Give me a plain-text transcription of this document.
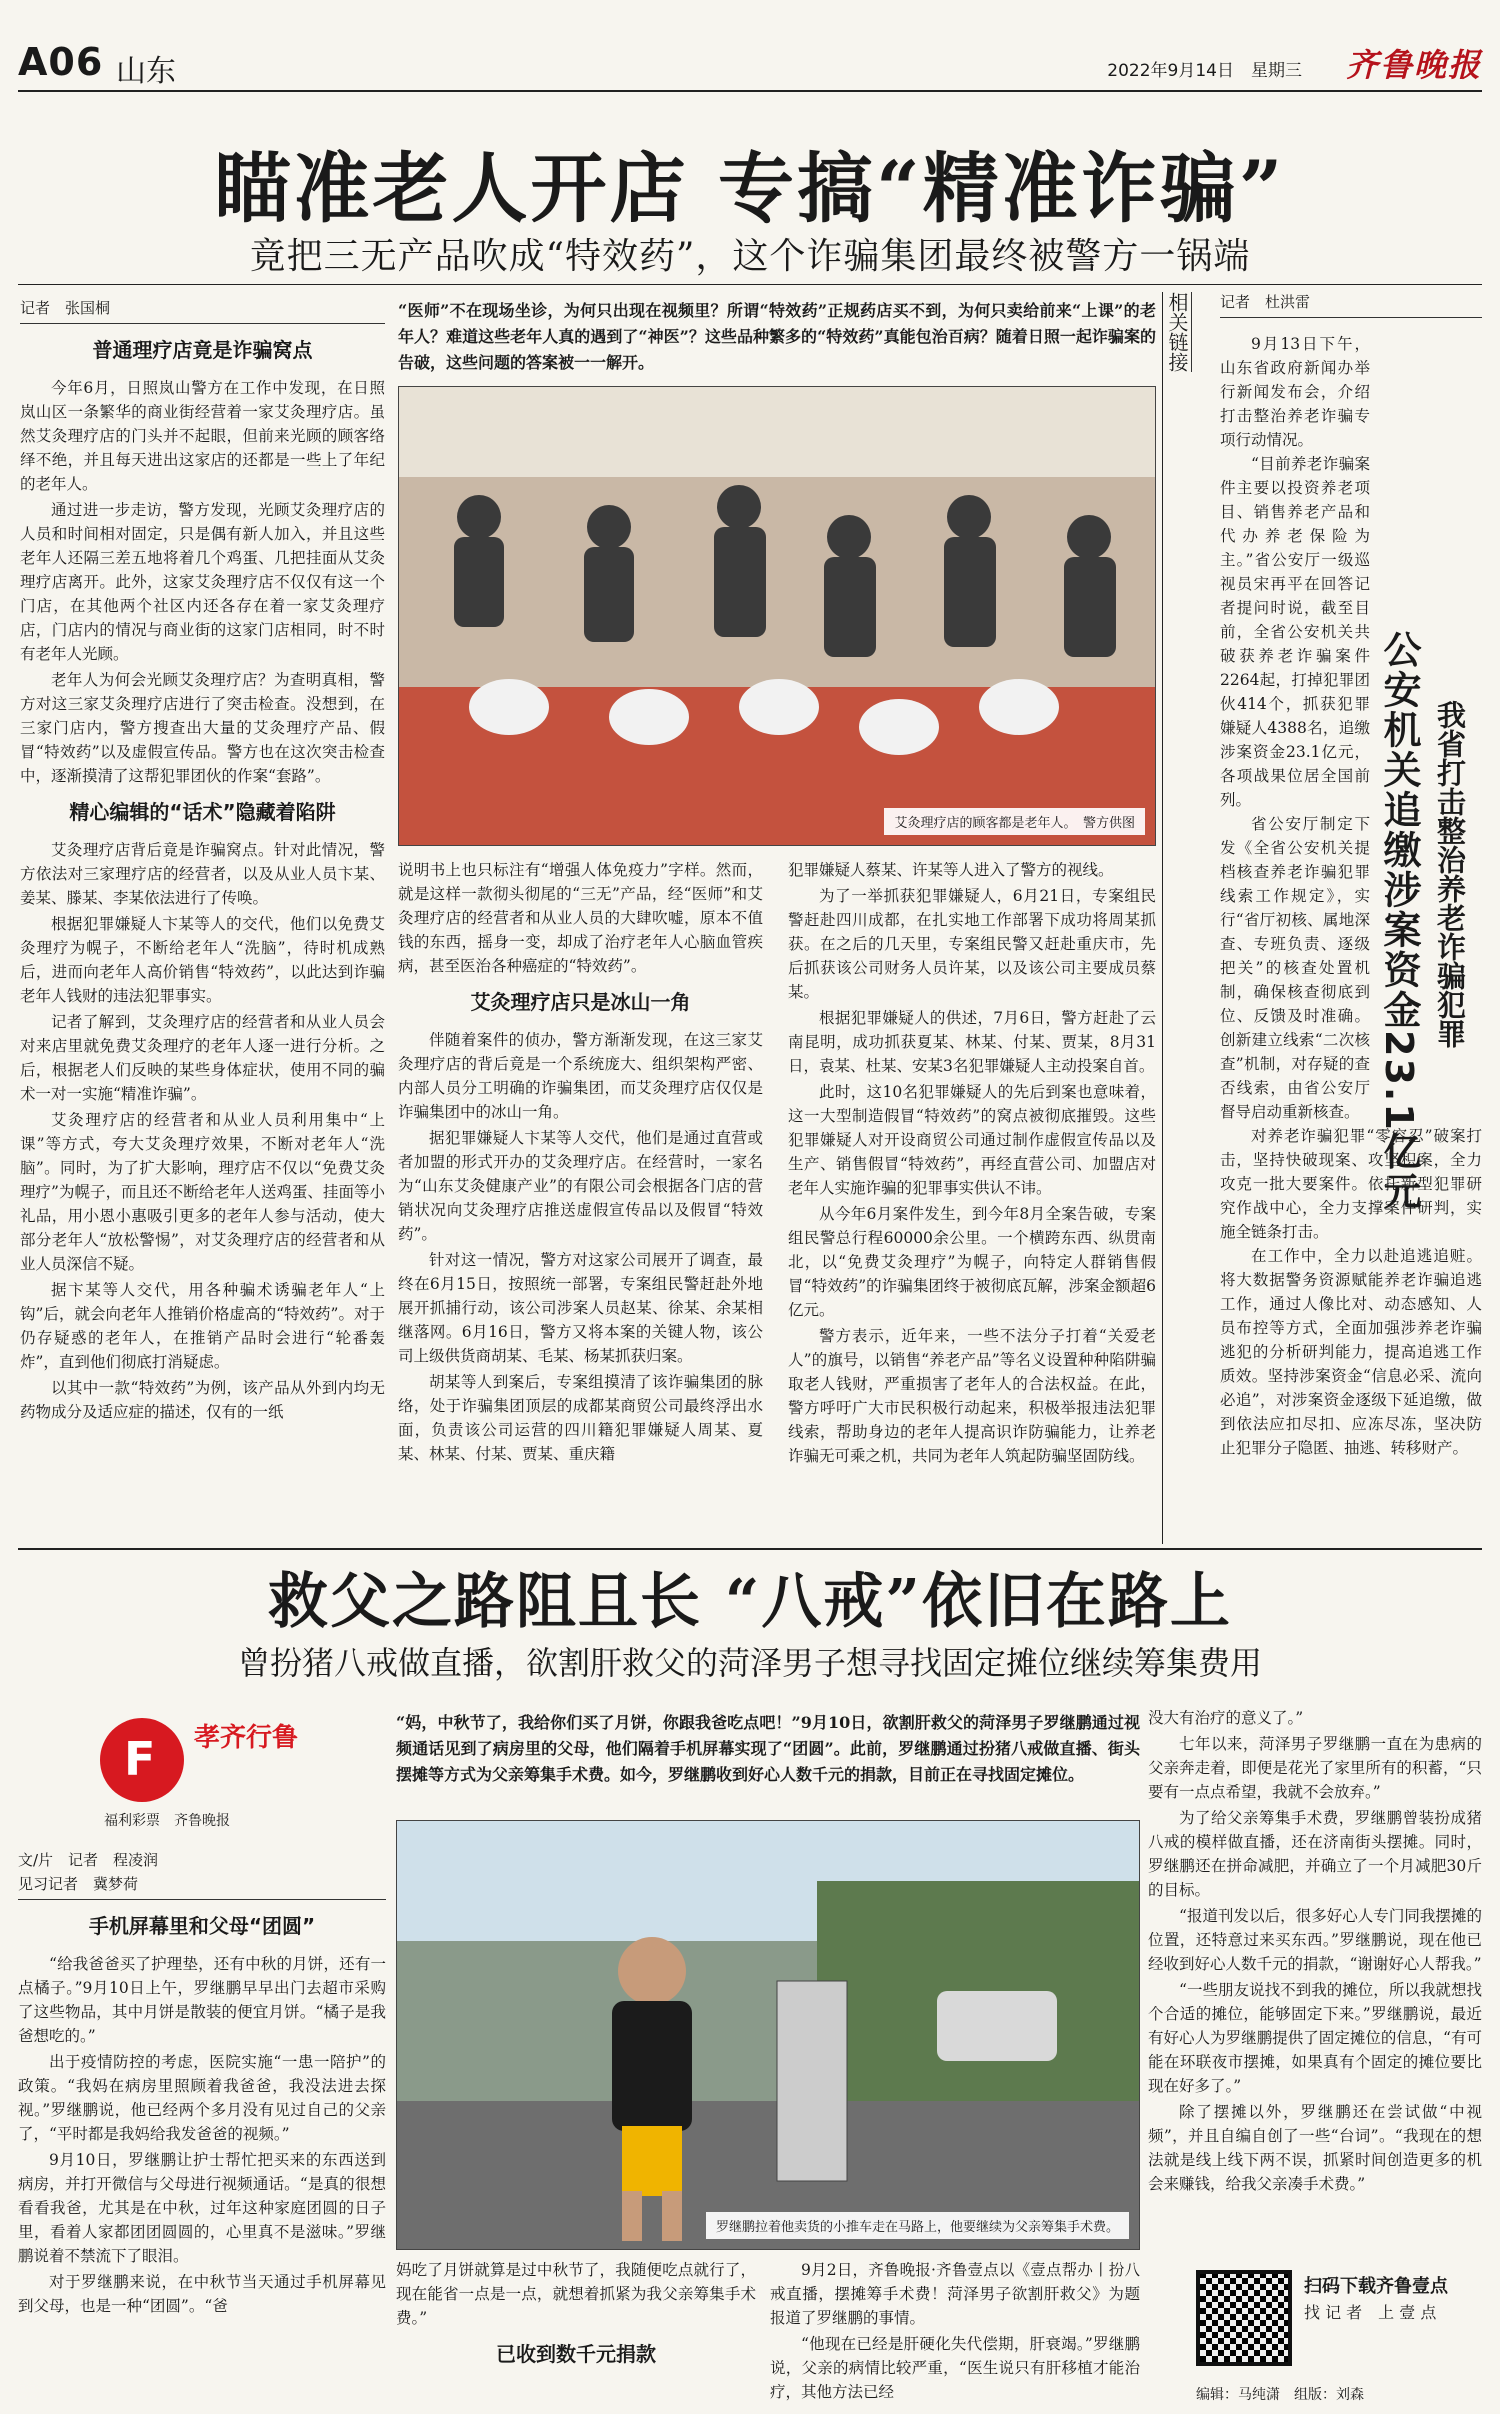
A06 山东	2022年9月14日　星期三 齐鲁晚报
瞄准老人开店 专搞“精准诈骗”
竟把三无产品吹成“特效药”，这个诈骗集团最终被警方一锅端
记者　张国桐
普通理疗店竟是诈骗窝点

今年6月，日照岚山警方在工作中发现，在日照岚山区一条繁华的商业街经营着一家艾灸理疗店。虽然艾灸理疗店的门头并不起眼，但前来光顾的顾客络绎不绝，并且每天进出这家店的还都是一些上了年纪的老年人。

通过进一步走访，警方发现，光顾艾灸理疗店的人员和时间相对固定，只是偶有新人加入，并且这些老年人还隔三差五地将着几个鸡蛋、几把挂面从艾灸理疗店离开。此外，这家艾灸理疗店不仅仅有这一个门店，在其他两个社区内还各存在着一家艾灸理疗店，门店内的情况与商业街的这家门店相同，时不时有老年人光顾。

老年人为何会光顾艾灸理疗店？为查明真相，警方对这三家艾灸理疗店进行了突击检查。没想到，在三家门店内，警方搜查出大量的艾灸理疗产品、假冒“特效药”以及虚假宣传品。警方也在这次突击检查中，逐渐摸清了这帮犯罪团伙的作案“套路”。

精心编辑的“话术”隐藏着陷阱

艾灸理疗店背后竟是诈骗窝点。针对此情况，警方依法对三家理疗店的经营者，以及从业人员卞某、姜某、滕某、李某依法进行了传唤。

根据犯罪嫌疑人卞某等人的交代，他们以免费艾灸理疗为幌子，不断给老年人“洗脑”，待时机成熟后，进而向老年人高价销售“特效药”，以此达到诈骗老年人钱财的违法犯罪事实。

记者了解到，艾灸理疗店的经营者和从业人员会对来店里就免费艾灸理疗的老年人逐一进行分析。之后，根据老人们反映的某些身体症状，使用不同的骗术一对一实施“精准诈骗”。

艾灸理疗店的经营者和从业人员利用集中“上课”等方式，夸大艾灸理疗效果，不断对老年人“洗脑”。同时，为了扩大影响，理疗店不仅以“免费艾灸理疗”为幌子，而且还不断给老年人送鸡蛋、挂面等小礼品，用小恩小惠吸引更多的老年人参与活动，使大部分老年人“放松警惕”，对艾灸理疗店的经营者和从业人员深信不疑。

据卞某等人交代，用各种骗术诱骗老年人“上钩”后，就会向老年人推销价格虚高的“特效药”。对于仍存疑惑的老年人，在推销产品时会进行“轮番轰炸”，直到他们彻底打消疑虑。

以其中一款“特效药”为例，该产品从外到内均无药物成分及适应症的描述，仅有的一纸

“医师”不在现场坐诊，为何只出现在视频里？所谓“特效药”正规药店买不到，为何只卖给前来“上课”的老年人？难道这些老年人真的遇到了“神医”？这些品种繁多的“特效药”真能包治百病？随着日照一起诈骗案的告破，这些问题的答案被一一解开。
艾灸理疗店的顾客都是老年人。　警方供图

说明书上也只标注有“增强人体免疫力”字样。然而，就是这样一款彻头彻尾的“三无”产品，经“医师”和艾灸理疗店的经营者和从业人员的大肆吹嘘，原本不值钱的东西，摇身一变，却成了治疗老年人心脑血管疾病，甚至医治各种癌症的“特效药”。

艾灸理疗店只是冰山一角

伴随着案件的侦办，警方渐渐发现，在这三家艾灸理疗店的背后竟是一个系统庞大、组织架构严密、内部人员分工明确的诈骗集团，而艾灸理疗店仅仅是诈骗集团中的冰山一角。

据犯罪嫌疑人卞某等人交代，他们是通过直营或者加盟的形式开办的艾灸理疗店。在经营时，一家名为“山东艾灸健康产业”的有限公司会根据各门店的营销状况向艾灸理疗店推送虚假宣传品以及假冒“特效药”。

针对这一情况，警方对这家公司展开了调查，最终在6月15日，按照统一部署，专案组民警赶赴外地展开抓捕行动，该公司涉案人员赵某、徐某、余某相继落网。6月16日，警方又将本案的关键人物，该公司上级供货商胡某、毛某、杨某抓获归案。

胡某等人到案后，专案组摸清了该诈骗集团的脉络，处于诈骗集团顶层的成都某商贸公司最终浮出水面，负责该公司运营的四川籍犯罪嫌疑人周某、夏某、林某、付某、贾某、重庆籍

犯罪嫌疑人蔡某、许某等人进入了警方的视线。

为了一举抓获犯罪嫌疑人，6月21日，专案组民警赶赴四川成都，在扎实地工作部署下成功将周某抓获。在之后的几天里，专案组民警又赶赴重庆市，先后抓获该公司财务人员许某，以及该公司主要成员蔡某。

根据犯罪嫌疑人的供述，7月6日，警方赶赴了云南昆明，成功抓获夏某、林某、付某、贾某，8月31日，袁某、杜某、安某3名犯罪嫌疑人主动投案自首。

此时，这10名犯罪嫌疑人的先后到案也意味着，这一大型制造假冒“特效药”的窝点被彻底摧毁。这些犯罪嫌疑人对开设商贸公司通过制作虚假宣传品以及生产、销售假冒“特效药”，再经直营公司、加盟店对老年人实施诈骗的犯罪事实供认不讳。

从今年6月案件发生，到今年8月全案告破，专案组民警总行程60000余公里。一个横跨东西、纵贯南北，以“免费艾灸理疗”为幌子，向特定人群销售假冒“特效药”的诈骗集团终于被彻底瓦解，涉案金额超6亿元。

警方表示，近年来，一些不法分子打着“关爱老人”的旗号，以销售“养老产品”等名义设置种种陷阱骗取老人钱财，严重损害了老年人的合法权益。在此，警方呼吁广大市民积极行动起来，积极举报违法犯罪线索，帮助身边的老年人提高识诈防骗能力，让养老诈骗无可乘之机，共同为老年人筑起防骗坚固防线。

相关链接 记者　杜洪雷

9月13日下午，山东省政府新闻办举行新闻发布会，介绍打击整治养老诈骗专项行动情况。

“目前养老诈骗案件主要以投资养老项目、销售养老产品和代办养老保险为主。”省公安厅一级巡视员宋再平在回答记者提问时说，截至目前，全省公安机关共破获养老诈骗案件2264起，打掉犯罪团伙414个，抓获犯罪嫌疑人4388名，追缴涉案资金23.1亿元，各项战果位居全国前列。

省公安厅制定下发《全省公安机关提档核查养老诈骗犯罪线索工作规定》，实行“省厅初核、属地深查、专班负责、逐级把关”的核查处置机制，确保核查彻底到位、反馈及时准确。创新建立线索“二次核查”机制，对存疑的查否线索，由省公安厅督导启动重新核查。

对养老诈骗犯罪“零容忍”破案打击，坚持快破现案、攻坚积案，全力攻克一批大要案件。依托新型犯罪研究作战中心，全力支撑案件研判，实施全链条打击。

在工作中，全力以赴追逃追赃。将大数据警务资源赋能养老诈骗追逃工作，通过人像比对、动态感知、人员布控等方式，全面加强涉养老诈骗逃犯的分析研判能力，提高追逃工作质效。坚持涉案资金“信息必采、流向必追”，对涉案资金逐级下延追缴，做到依法应扣尽扣、应冻尽冻，坚决防止犯罪分子隐匿、抽逃、转移财产。

公安机关追缴涉案资金23.1亿元 我省打击整治养老诈骗犯罪
救父之路阻且长 “八戒”依旧在路上
曾扮猪八戒做直播，欲割肝救父的菏泽男子想寻找固定摊位继续筹集费用
F 孝齐行鲁
福利彩票　齐鲁晚报
文/片　记者　程凌润
见习记者　冀梦荷
手机屏幕里和父母“团圆”

“给我爸爸买了护理垫，还有中秋的月饼，还有一点橘子。”9月10日上午，罗继鹏早早出门去超市采购了这些物品，其中月饼是散装的便宜月饼。“橘子是我爸想吃的。”

出于疫情防控的考虑，医院实施“一患一陪护”的政策。“我妈在病房里照顾着我爸爸，我没法进去探视。”罗继鹏说，他已经两个多月没有见过自己的父亲了，“平时都是我妈给我发爸爸的视频。”

9月10日，罗继鹏让护士帮忙把买来的东西送到病房，并打开微信与父母进行视频通话。“是真的很想看看我爸，尤其是在中秋，过年这种家庭团圆的日子里，看着人家都团团圆圆的，心里真不是滋味。”罗继鹏说着不禁流下了眼泪。

对于罗继鹏来说，在中秋节当天通过手机屏幕见到父母，也是一种“团圆”。“爸

“妈，中秋节了，我给你们买了月饼，你跟我爸吃点吧！”9月10日，欲割肝救父的菏泽男子罗继鹏通过视频通话见到了病房里的父母，他们隔着手机屏幕实现了“团圆”。此前，罗继鹏通过扮猪八戒做直播、街头摆摊等方式为父亲筹集手术费。如今，罗继鹏收到好心人数千元的捐款，目前正在寻找固定摊位。
罗继鹏拉着他卖货的小推车走在马路上，他要继续为父亲筹集手术费。

妈吃了月饼就算是过中秋节了，我随便吃点就行了，现在能省一点是一点，就想着抓紧为我父亲筹集手术费。”

已收到数千元捐款

9月2日，齐鲁晚报·齐鲁壹点以《壹点帮办丨扮八戒直播，摆摊筹手术费！菏泽男子欲割肝救父》为题报道了罗继鹏的事情。

“他现在已经是肝硬化失代偿期，肝衰竭。”罗继鹏说，父亲的病情比较严重，“医生说只有肝移植才能治疗，其他方法已经

没大有治疗的意义了。”

七年以来，菏泽男子罗继鹏一直在为患病的父亲奔走着，即便是花光了家里所有的积蓄，“只要有一点点希望，我就不会放弃。”

为了给父亲筹集手术费，罗继鹏曾装扮成猪八戒的模样做直播，还在济南街头摆摊。同时，罗继鹏还在拼命减肥，并确立了一个月减肥30斤的目标。

“报道刊发以后，很多好心人专门同我摆摊的位置，还特意过来买东西。”罗继鹏说，现在他已经收到好心人数千元的捐款，“谢谢好心人帮我。”

“一些朋友说找不到我的摊位，所以我就想找个合适的摊位，能够固定下来。”罗继鹏说，最近有好心人为罗继鹏提供了固定摊位的信息，“有可能在环联夜市摆摊，如果真有个固定的摊位要比现在好多了。”

除了摆摊以外，罗继鹏还在尝试做“中视频”，并且自编自创了一些“台词”。“我现在的想法就是线上线下两不误，抓紧时间创造更多的机会来赚钱，给我父亲凑手术费。”

扫码下载齐鲁壹点
找 记 者　上 壹 点
编辑：马纯潇　组版：刘森
